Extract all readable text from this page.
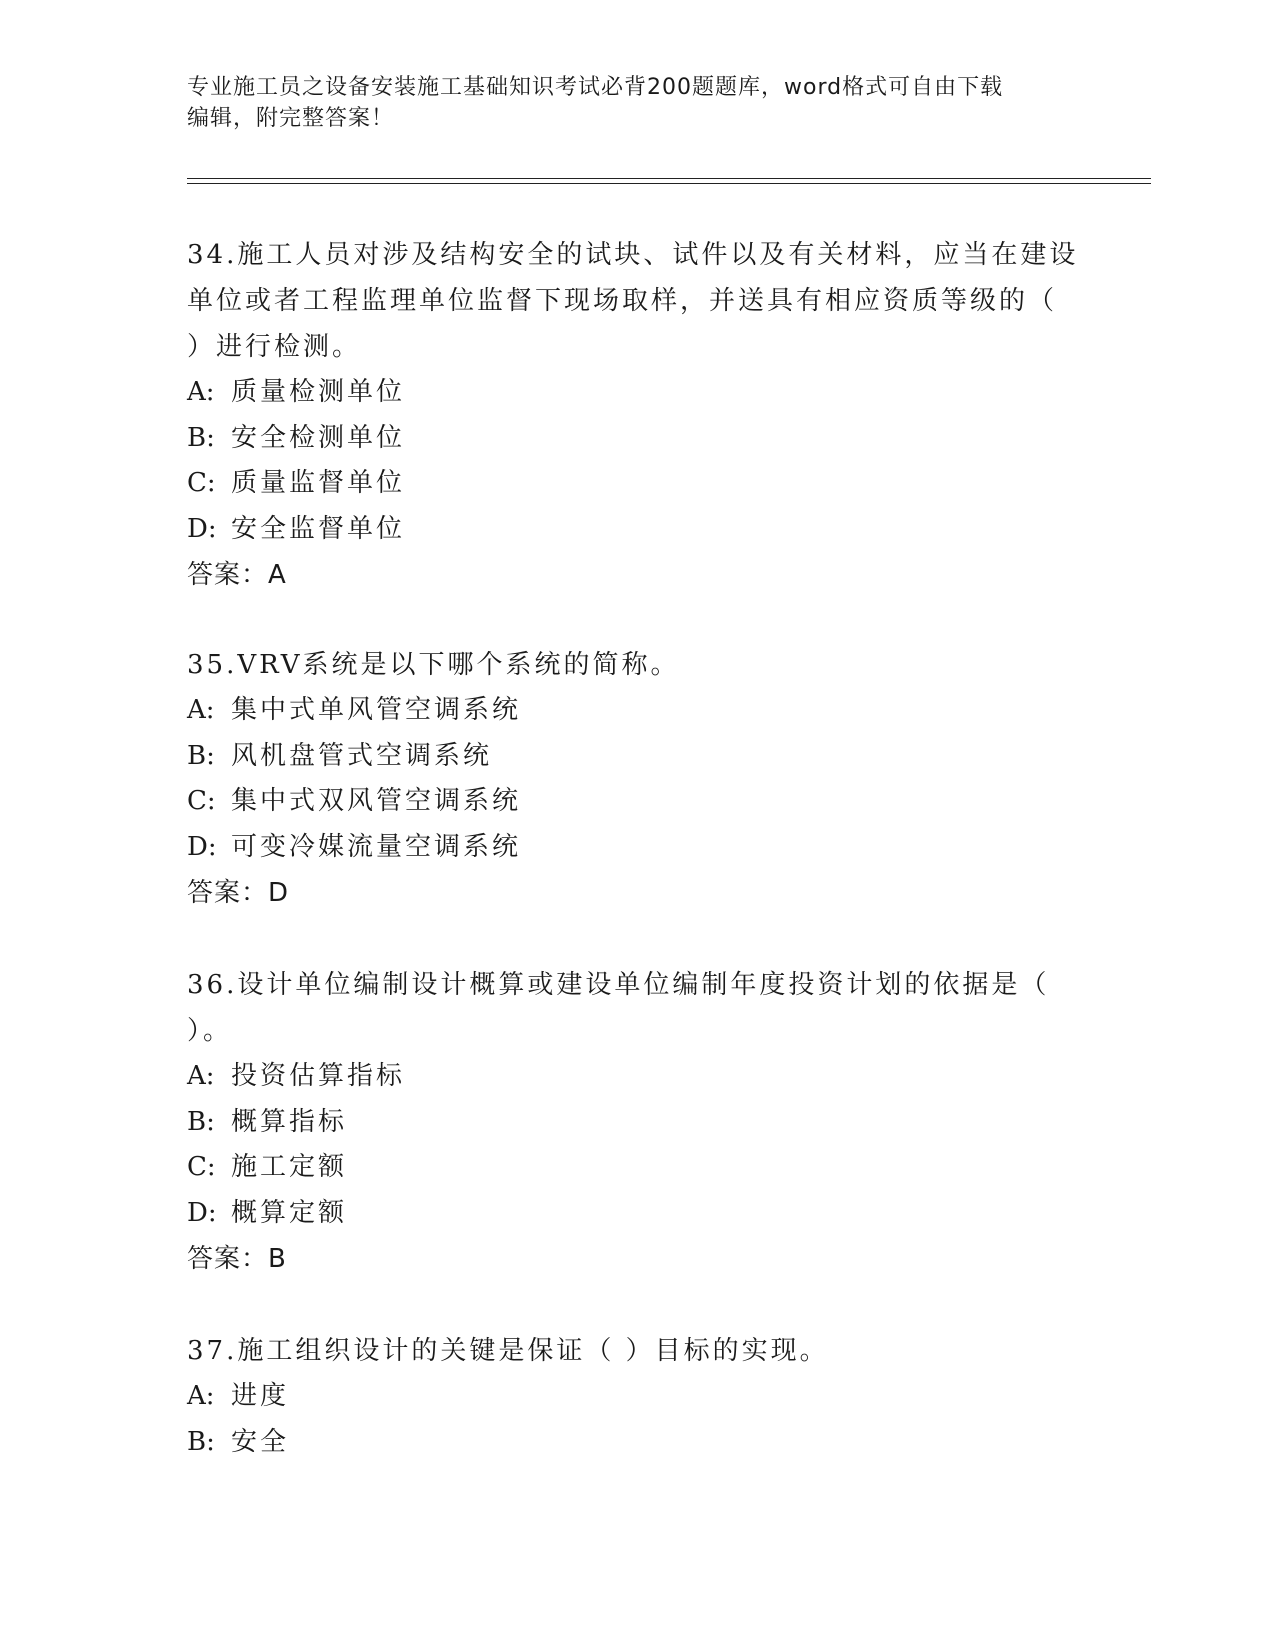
专业施工员之设备安装施工基础知识考试必背200题题库，word格式可自由下载
编辑，附完整答案！

34.施工人员对涉及结构安全的试块、试件以及有关材料，应当在建设

单位或者工程监理单位监督下现场取样，并送具有相应资质等级的（

）进行检测。

A: 质量检测单位

B: 安全检测单位

C: 质量监督单位

D: 安全监督单位

答案：A

35.VRV系统是以下哪个系统的简称。

A: 集中式单风管空调系统

B: 风机盘管式空调系统

C: 集中式双风管空调系统

D: 可变冷媒流量空调系统

答案：D

36.设计单位编制设计概算或建设单位编制年度投资计划的依据是（

）。

A: 投资估算指标

B: 概算指标

C: 施工定额

D: 概算定额

答案：B

37.施工组织设计的关键是保证（ ）目标的实现。

A: 进度

B: 安全
